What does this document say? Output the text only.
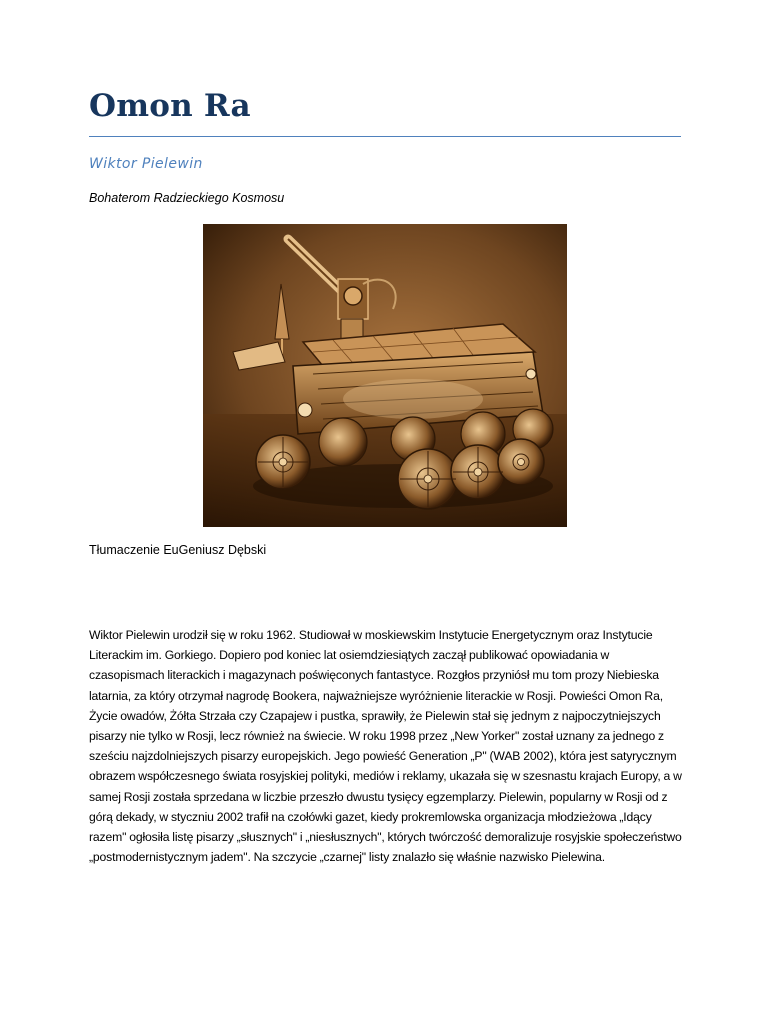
Omon Ra
Wiktor Pielewin
Bohaterom Radzieckiego Kosmosu
Tłumaczenie EuGeniusz Dębski

Wiktor Pielewin urodził się w roku 1962. Studiował w moskiewskim Instytucie Energetycznym oraz Instytucie Literackim im. Gorkiego. Dopiero pod koniec lat osiemdziesiątych zaczął publikować opowiadania w czasopismach literackich i magazynach poświęconych fantastyce. Rozgłos przyniósł mu tom prozy Niebieska latarnia, za który otrzymał nagrodę Bookera, najważniejsze wyróżnienie literackie w Rosji. Powieści Omon Ra, Życie owadów, Żółta Strzała czy Czapajew i pustka, sprawiły, że Pielewin stał się jednym z najpoczytniejszych pisarzy nie tylko w Rosji, lecz również na świecie. W roku 1998 przez „New Yorker" został uznany za jednego z sześciu najzdolniejszych pisarzy europejskich. Jego powieść Generation „P" (WAB 2002), która jest satyrycznym obrazem współczesnego świata rosyjskiej polityki, mediów i reklamy, ukazała się w szesnastu krajach Europy, a w samej Rosji została sprzedana w liczbie przeszło dwustu tysięcy egzemplarzy. Pielewin, popularny w Rosji od z górą dekady, w styczniu 2002 trafił na czołówki gazet, kiedy prokremlowska organizacja młodzieżowa „Idący razem" ogłosiła listę pisarzy „słusznych" i „niesłusznych", których twórczość demoralizuje rosyjskie społeczeństwo „postmodernistycznym jadem". Na szczycie „czarnej" listy znalazło się właśnie nazwisko Pielewina.
